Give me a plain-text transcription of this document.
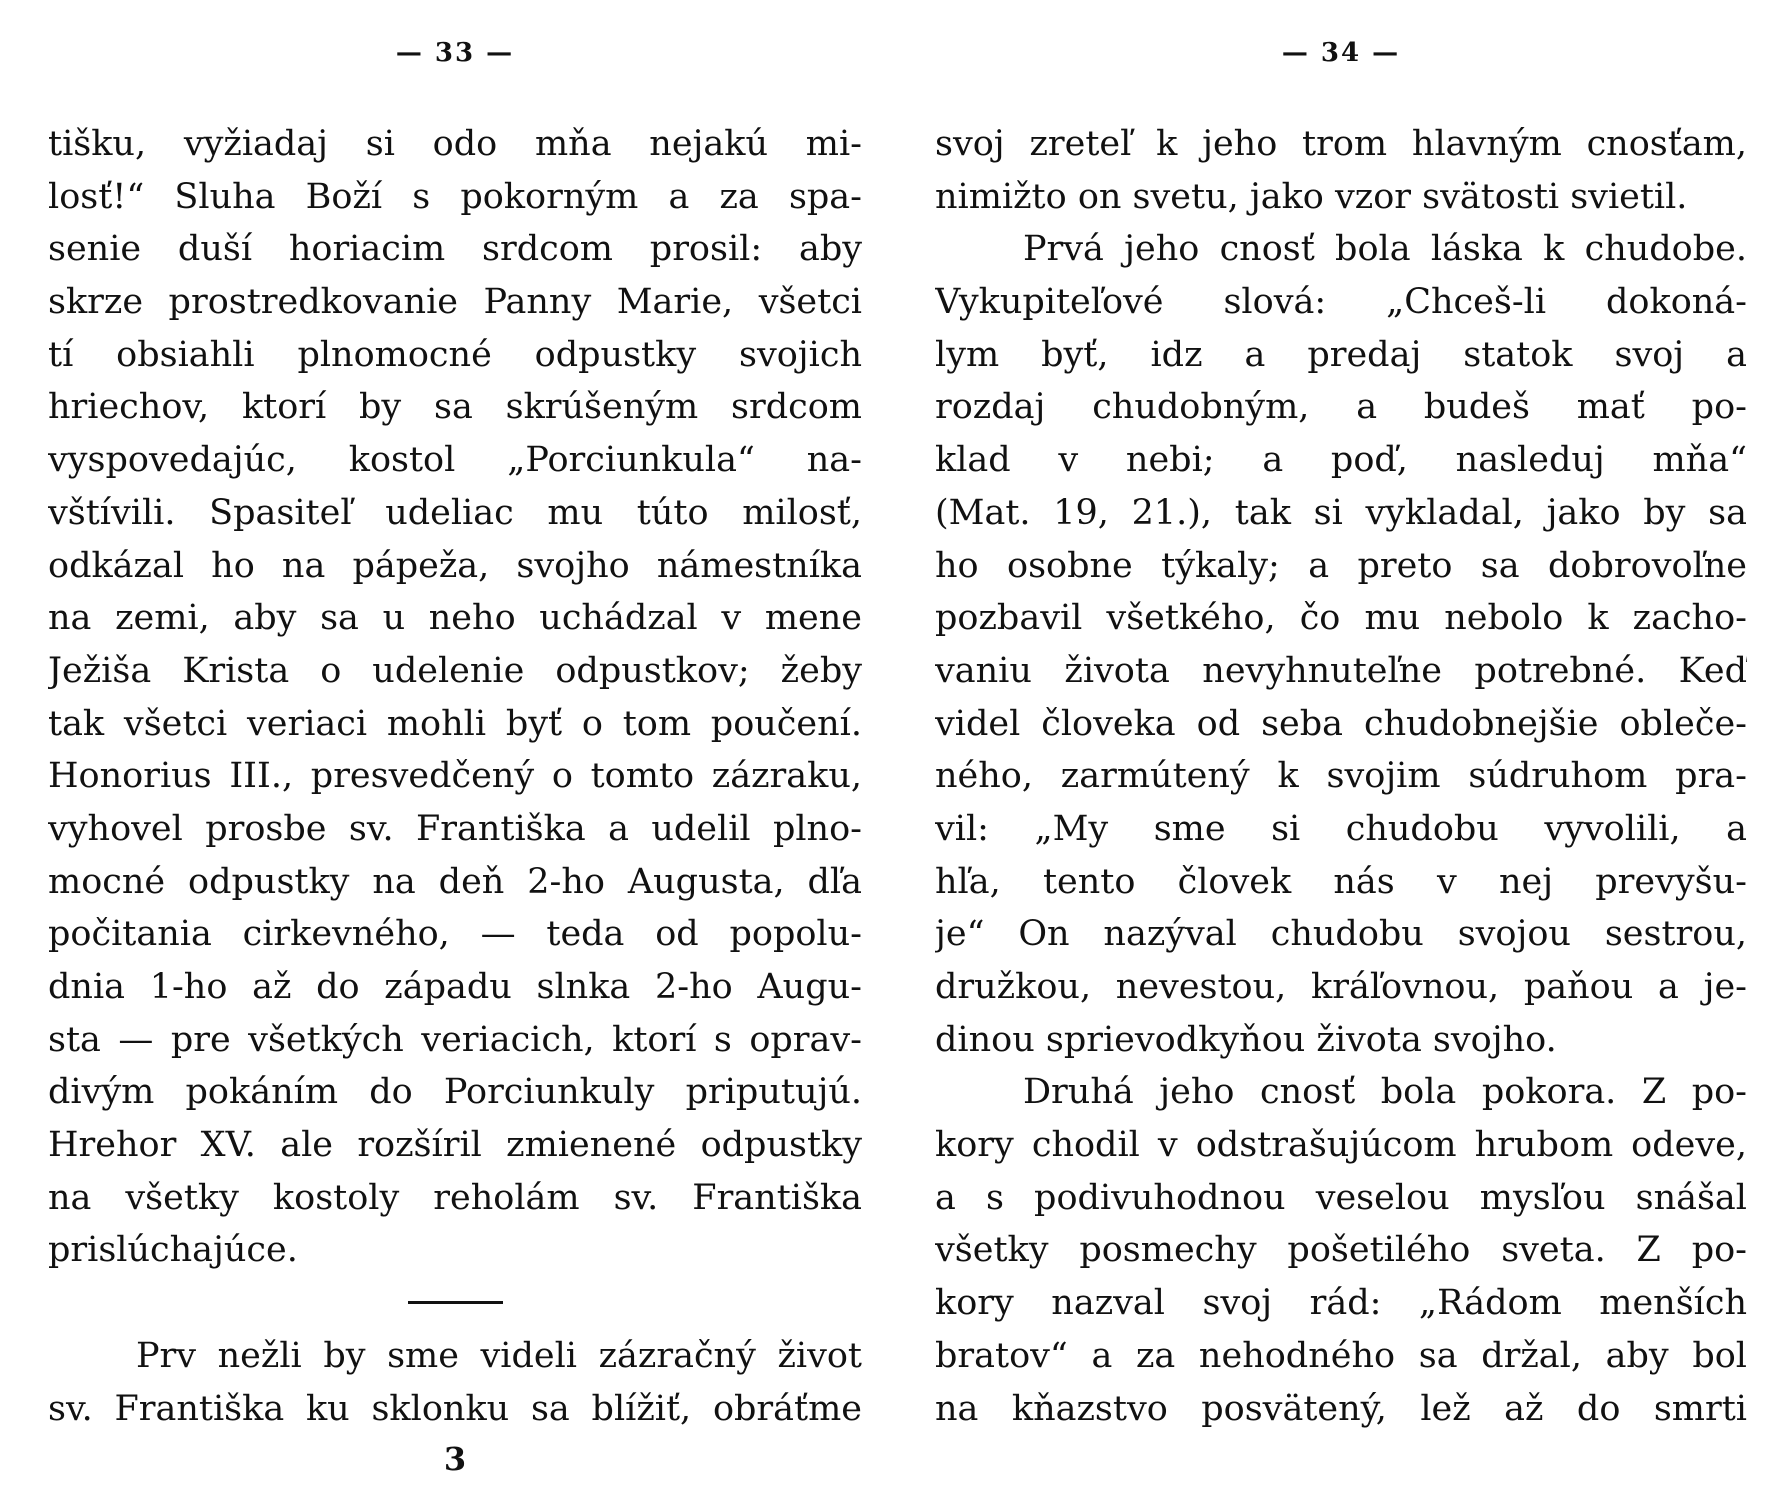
— 33 —
tišku, vyžiadaj si odo mňa nejakú mi-
losť!“ Sluha Boží s pokorným a za spa-
senie duší horiacim srdcom prosil: aby
skrze prostredkovanie Panny Marie, všetci
tí obsiahli plnomocné odpustky svojich
hriechov, ktorí by sa skrúšeným srdcom
vyspovedajúc, kostol „Porciunkula“ na-
vštívili. Spasiteľ udeliac mu túto milosť,
odkázal ho na pápeža, svojho námestníka
na zemi, aby sa u neho uchádzal v mene
Ježiša Krista o udelenie odpustkov; žeby
tak všetci veriaci mohli byť o tom poučení.
Honorius III., presvedčený o tomto zázraku,
vyhovel prosbe sv. Františka a udelil plno-
mocné odpustky na deň 2-ho Augusta, dľa
počitania cirkevného, — teda od popolu-
dnia 1-ho až do západu slnka 2-ho Augu-
sta — pre všetkých veriacich, ktorí s oprav-
divým pokáním do Porciunkuly priputujú.
Hrehor XV. ale rozšíril zmienené odpustky
na všetky kostoly reholám sv. Františka
prislúchajúce.
Prv nežli by sme videli zázračný život
sv. Františka ku sklonku sa blížiť, obráťme
3
— 34 —
svoj zreteľ k jeho trom hlavným cnosťam,
nimižto on svetu, jako vzor svätosti svietil.
Prvá jeho cnosť bola láska k chudobe.
Vykupiteľové slová: „Chceš-li dokoná-
lym byť, idz a predaj statok svoj a
rozdaj chudobným, a budeš mať po-
klad v nebi; a poď, nasleduj mňa“
(Mat. 19, 21.), tak si vykladal, jako by sa
ho osobne týkaly; a preto sa dobrovoľne
pozbavil všetkého, čo mu nebolo k zacho-
vaniu života nevyhnuteľne potrebné. Keď
videl človeka od seba chudobnejšie obleče-
ného, zarmútený k svojim súdruhom pra-
vil: „My sme si chudobu vyvolili, a
hľa, tento človek nás v nej prevyšu-
je“ On nazýval chudobu svojou sestrou,
družkou, nevestou, kráľovnou, paňou a je-
dinou sprievodkyňou života svojho.
Druhá jeho cnosť bola pokora. Z po-
kory chodil v odstrašujúcom hrubom odeve,
a s podivuhodnou veselou mysľou snášal
všetky posmechy pošetilého sveta. Z po-
kory nazval svoj rád: „Rádom menších
bratov“ a za nehodného sa držal, aby bol
na kňazstvo posvätený, lež až do smrti
